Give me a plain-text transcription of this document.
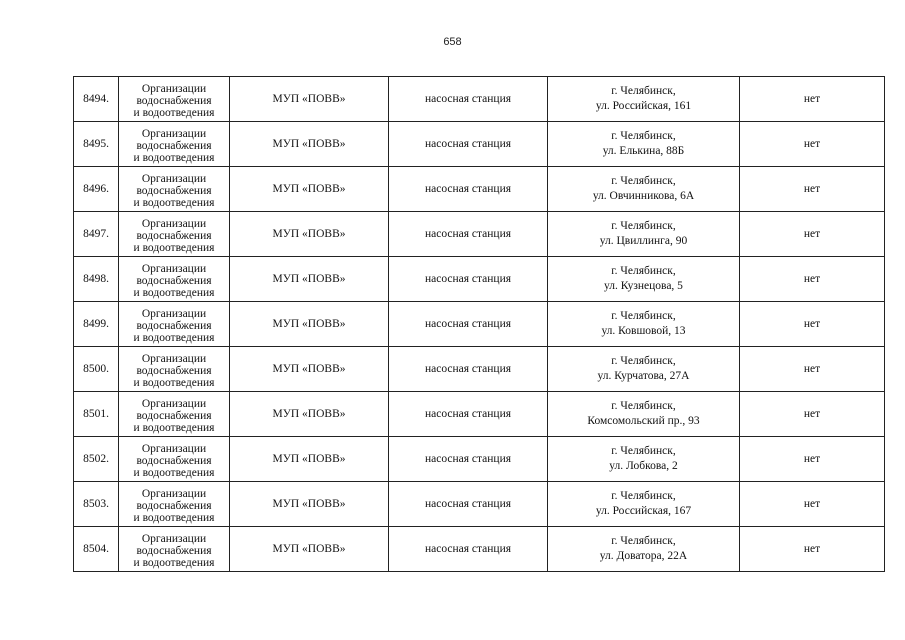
658
8494.	Организации
водоснабжения
и водоотведения	МУП «ПОВВ»	насосная станция	г. Челябинск,
ул. Российская, 161	нет
8495.	Организации
водоснабжения
и водоотведения	МУП «ПОВВ»	насосная станция	г. Челябинск,
ул. Елькина, 88Б	нет
8496.	Организации
водоснабжения
и водоотведения	МУП «ПОВВ»	насосная станция	г. Челябинск,
ул. Овчинникова, 6А	нет
8497.	Организации
водоснабжения
и водоотведения	МУП «ПОВВ»	насосная станция	г. Челябинск,
ул. Цвиллинга, 90	нет
8498.	Организации
водоснабжения
и водоотведения	МУП «ПОВВ»	насосная станция	г. Челябинск,
ул. Кузнецова, 5	нет
8499.	Организации
водоснабжения
и водоотведения	МУП «ПОВВ»	насосная станция	г. Челябинск,
ул. Ковшовой, 13	нет
8500.	Организации
водоснабжения
и водоотведения	МУП «ПОВВ»	насосная станция	г. Челябинск,
ул. Курчатова, 27А	нет
8501.	Организации
водоснабжения
и водоотведения	МУП «ПОВВ»	насосная станция	г. Челябинск,
Комсомольский пр., 93	нет
8502.	Организации
водоснабжения
и водоотведения	МУП «ПОВВ»	насосная станция	г. Челябинск,
ул. Лобкова, 2	нет
8503.	Организации
водоснабжения
и водоотведения	МУП «ПОВВ»	насосная станция	г. Челябинск,
ул. Российская, 167	нет
8504.	Организации
водоснабжения
и водоотведения	МУП «ПОВВ»	насосная станция	г. Челябинск,
ул. Доватора, 22А	нет
